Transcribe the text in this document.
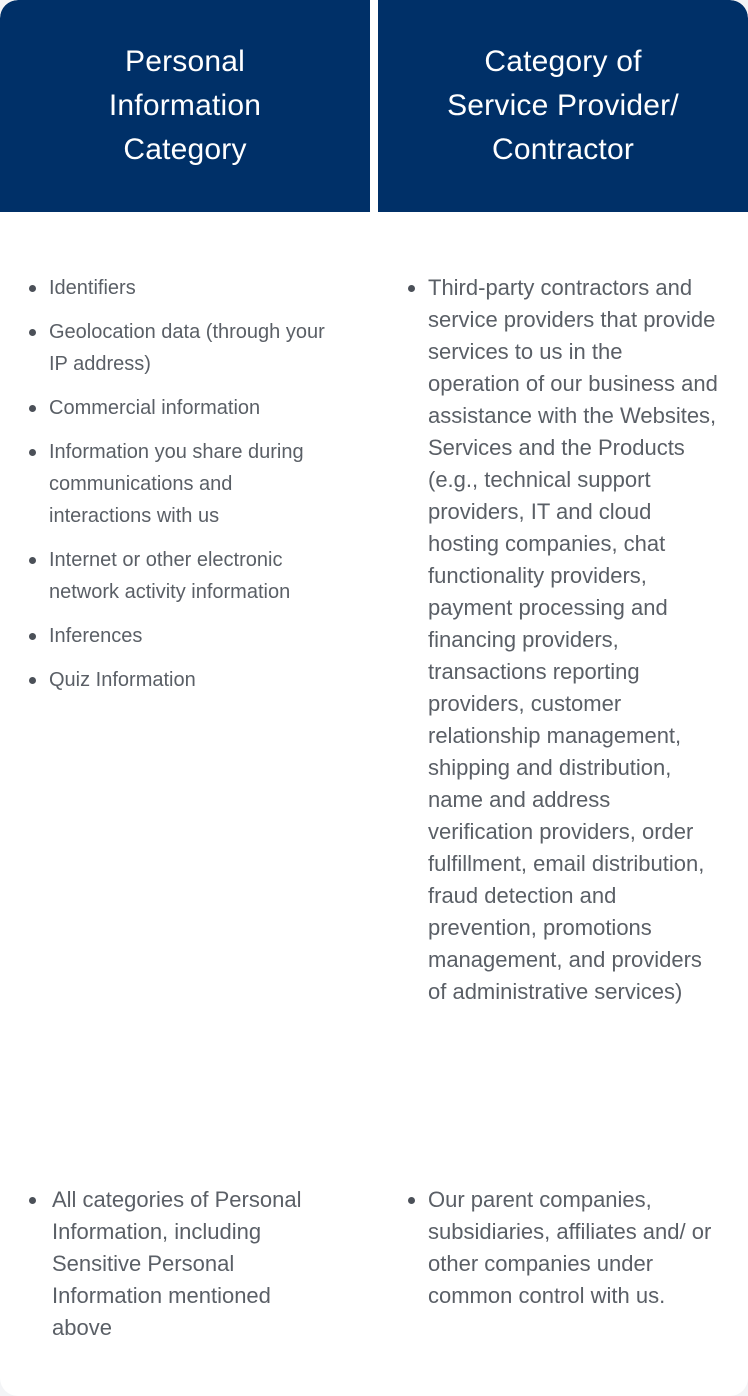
Personal Information Category
Category of Service Provider/ Contractor
Identifiers
Geolocation data (through your IP address)
Commercial information
Information you share during communications and interactions with us
Internet or other electronic network activity information
Inferences
Quiz Information
Third-party contractors and service providers that provide services to us in the operation of our business and assistance with the Websites, Services and the Products (e.g., technical support providers, IT and cloud hosting companies, chat functionality providers, payment processing and financing providers, transactions reporting providers, customer relationship management, shipping and distribution, name and address verification providers, order fulfillment, email distribution, fraud detection and prevention, promotions management, and providers of administrative services)
All categories of Personal Information, including Sensitive Personal Information mentioned above
Our parent companies, subsidiaries, affiliates and/ or other companies under common control with us.
